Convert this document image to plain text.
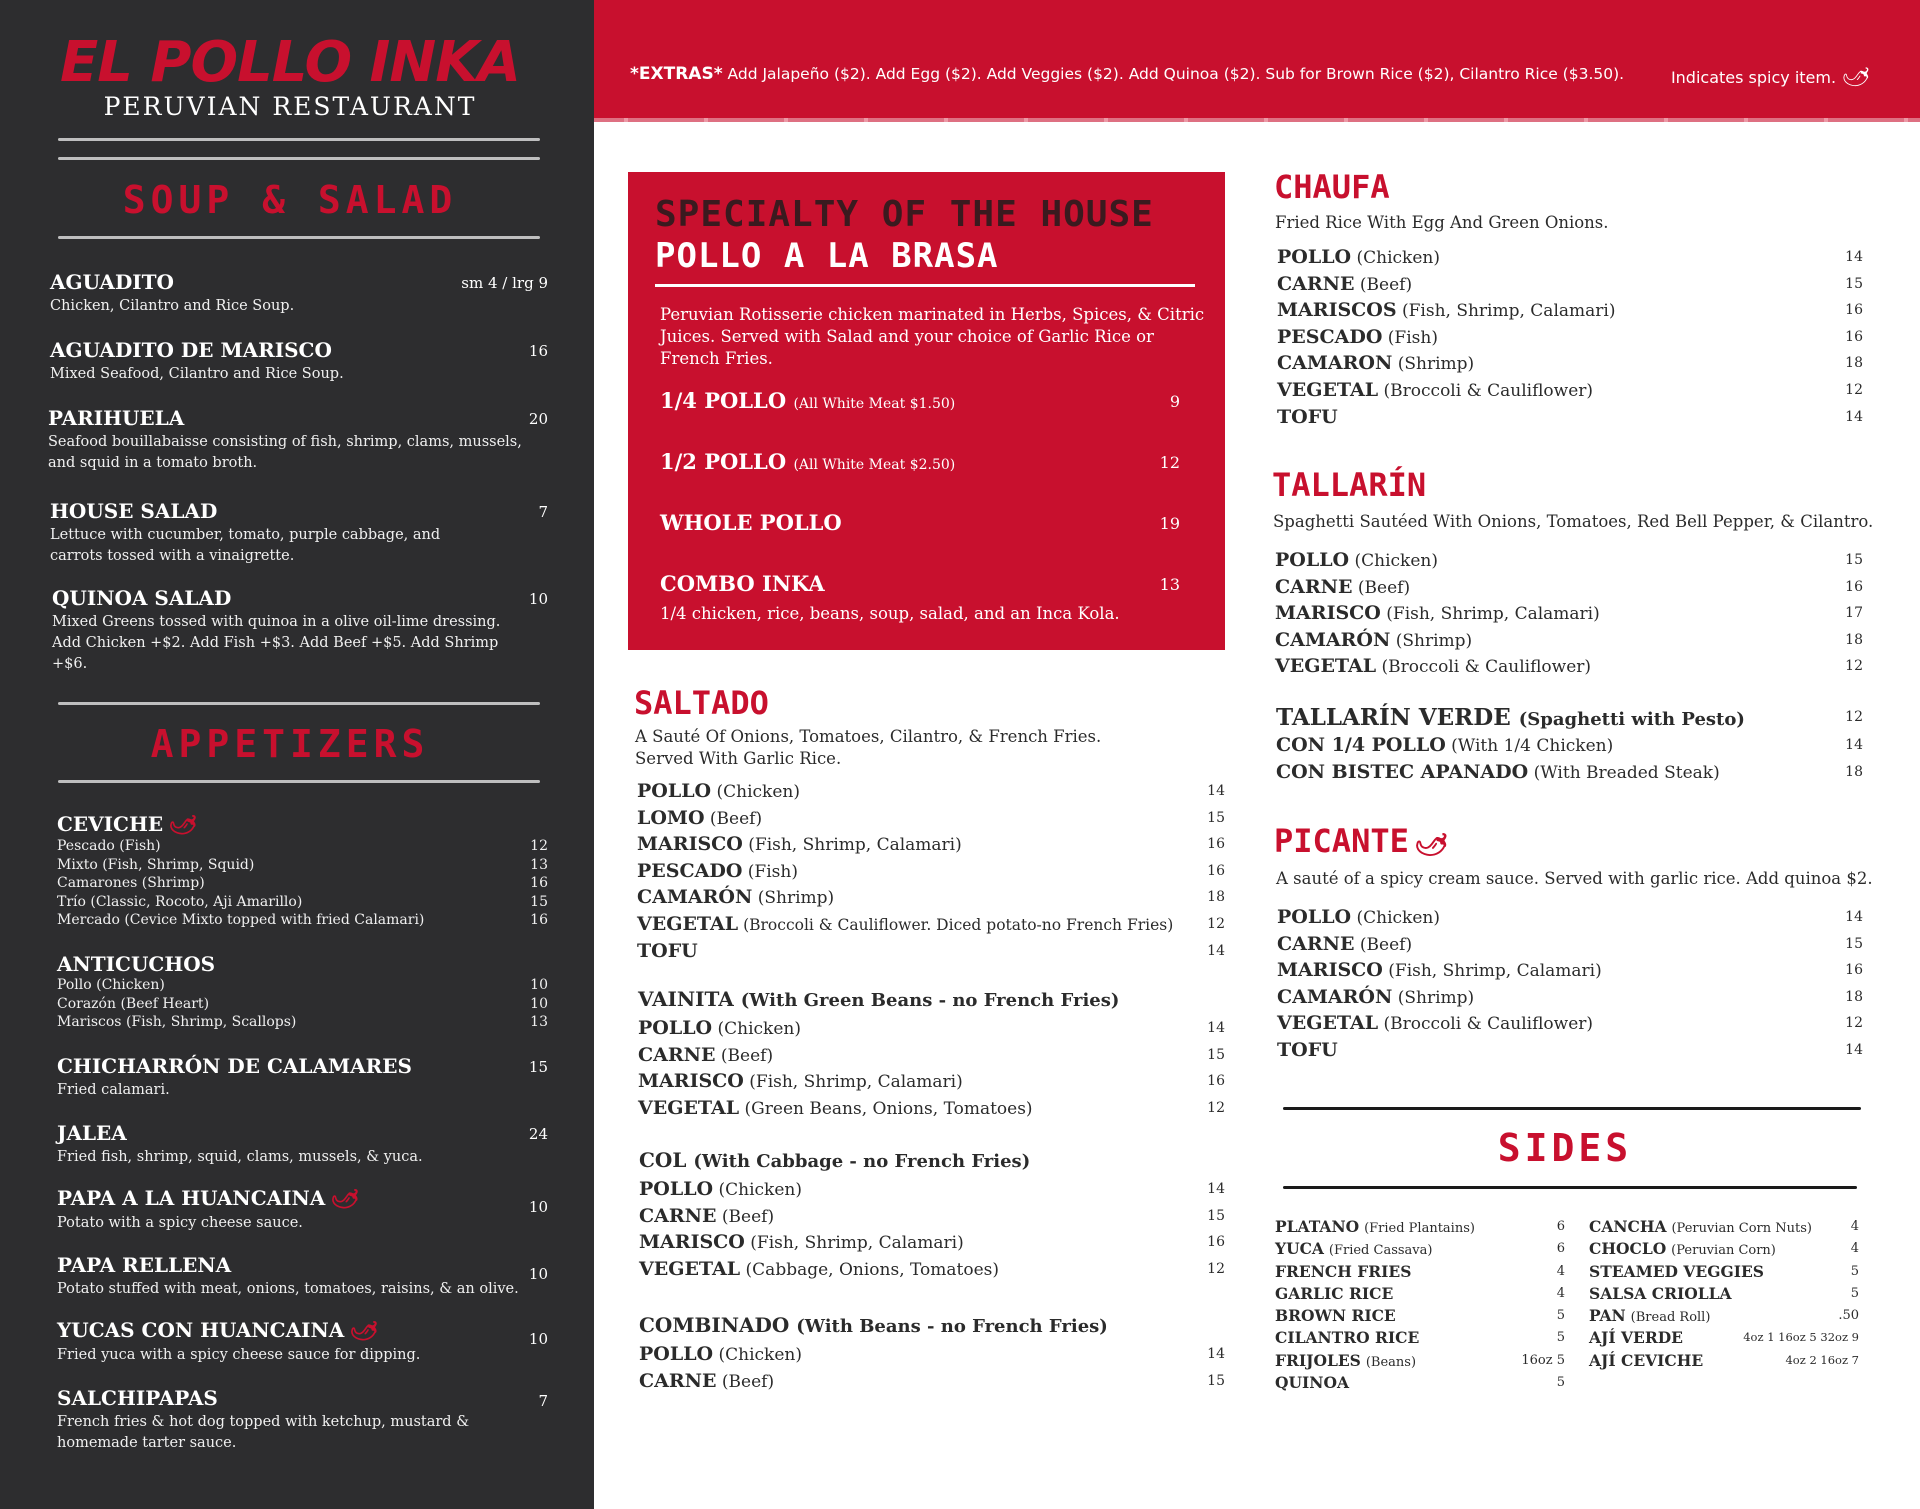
EL POLLO INKA
PERUVIAN RESTAURANT
SOUP & SALAD
AGUADITO	sm 4 / lrg 9
Chicken, Cilantro and Rice Soup.
AGUADITO DE MARISCO	16
Mixed Seafood, Cilantro and Rice Soup.
PARIHUELA	20
Seafood bouillabaisse consisting of fish, shrimp, clams, mussels, and squid in a tomato broth.
HOUSE SALAD	7
Lettuce with cucumber, tomato, purple cabbage, and carrots tossed with a vinaigrette.
QUINOA SALAD	10
Mixed Greens tossed with quinoa in a olive oil-lime dressing. Add Chicken +$2. Add Fish +$3. Add Beef +$5. Add Shrimp +$6.
APPETIZERS
CEVICHE 🌶
Pescado (Fish)	12
Mixto (Fish, Shrimp, Squid)	13
Camarones (Shrimp)	16
Trío (Classic, Rocoto, Aji Amarillo)	15
Mercado (Cevice Mixto topped with fried Calamari)	16
ANTICUCHOS
Pollo (Chicken)	10
Corazón (Beef Heart)	10
Mariscos (Fish, Shrimp, Scallops)	13
CHICHARRÓN DE CALAMARES	15
Fried calamari.
JALEA	24
Fried fish, shrimp, squid, clams, mussels, & yuca.
PAPA A LA HUANCAINA 🌶	10
Potato with a spicy cheese sauce.
PAPA RELLENA	10
Potato stuffed with meat, onions, tomatoes, raisins, & an olive.
YUCAS CON HUANCAINA 🌶	10
Fried yuca with a spicy cheese sauce for dipping.
SALCHIPAPAS	7
French fries & hot dog topped with ketchup, mustard & homemade tarter sauce.
*EXTRAS* Add Jalapeño ($2). Add Egg ($2). Add Veggies ($2). Add Quinoa ($2). Sub for Brown Rice ($2), Cilantro Rice ($3.50).	Indicates spicy item. 🌶
SPECIALTY OF THE HOUSE
POLLO A LA BRASA
Peruvian Rotisserie chicken marinated in Herbs, Spices, & Citric Juices. Served with Salad and your choice of Garlic Rice or French Fries.
1/4 POLLO (All White Meat $1.50)	9
1/2 POLLO (All White Meat $2.50)	12
WHOLE POLLO	19
COMBO INKA	13
1/4 chicken, rice, beans, soup, salad, and an Inca Kola.
SALTADO
A Sauté Of Onions, Tomatoes, Cilantro, & French Fries.
Served With Garlic Rice.
POLLO (Chicken)	14
LOMO (Beef)	15
MARISCO (Fish, Shrimp, Calamari)	16
PESCADO (Fish)	16
CAMARÓN (Shrimp)	18
VEGETAL (Broccoli & Cauliflower. Diced potato-no French Fries) 12
TOFU	14
VAINITA (With Green Beans - no French Fries)
POLLO (Chicken)	14
CARNE (Beef)	15
MARISCO (Fish, Shrimp, Calamari)	16
VEGETAL (Green Beans, Onions, Tomatoes)	12
COL (With Cabbage - no French Fries)
POLLO (Chicken)	14
CARNE (Beef)	15
MARISCO (Fish, Shrimp, Calamari)	16
VEGETAL (Cabbage, Onions, Tomatoes)	12
COMBINADO (With Beans - no French Fries)
POLLO (Chicken)	14
CARNE (Beef)	15
CHAUFA
Fried Rice With Egg And Green Onions.
POLLO (Chicken)	14
CARNE (Beef)	15
MARISCOS (Fish, Shrimp, Calamari)	16
PESCADO (Fish)	16
CAMARON (Shrimp)	18
VEGETAL (Broccoli & Cauliflower)	12
TOFU	14
TALLARÍN
Spaghetti Sautéed With Onions, Tomatoes, Red Bell Pepper, & Cilantro.
POLLO (Chicken)	15
CARNE (Beef)	16
MARISCO (Fish, Shrimp, Calamari)	17
CAMARÓN (Shrimp)	18
VEGETAL (Broccoli & Cauliflower)	12
TALLARÍN VERDE (Spaghetti with Pesto)	12
CON 1/4 POLLO (With 1/4 Chicken)	14
CON BISTEC APANADO (With Breaded Steak)	18
PICANTE🌶
A sauté of a spicy cream sauce. Served with garlic rice. Add quinoa $2.
POLLO (Chicken)	14
CARNE (Beef)	15
MARISCO (Fish, Shrimp, Calamari)	16
CAMARÓN (Shrimp)	18
VEGETAL (Broccoli & Cauliflower)	12
TOFU	14
SIDES
PLATANO (Fried Plantains)	6
YUCA (Fried Cassava)	6
FRENCH FRIES	4
GARLIC RICE	4
BROWN RICE	5
CILANTRO RICE	5
FRIJOLES (Beans)	16oz 5
QUINOA	5
CANCHA (Peruvian Corn Nuts)	4
CHOCLO (Peruvian Corn)	4
STEAMED VEGGIES	5
SALSA CRIOLLA	5
PAN (Bread Roll)	.50
AJÍ VERDE	4oz 1 16oz 5 32oz 9
AJÍ CEVICHE	4oz 2 16oz 7
